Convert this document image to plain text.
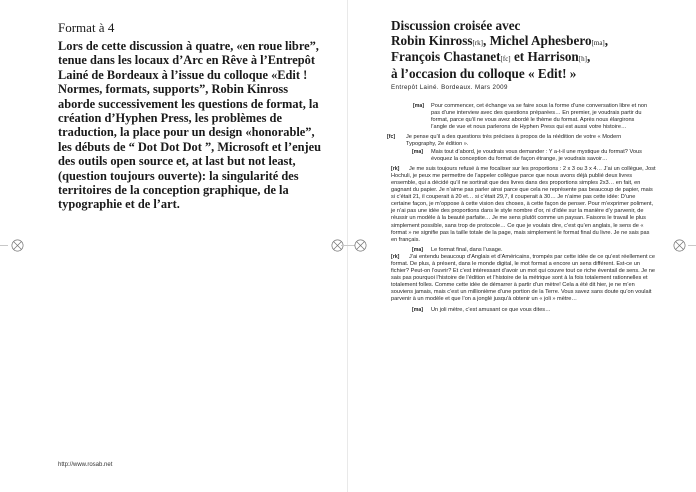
Format à 4

Lors de cette discussion à quatre, «en roue libre”, tenue dans les locaux d’Arc en Rêve à l’Entrepôt Lainé de Bordeaux à l’issue du colloque «Edit ! Normes, formats, supports”, Robin Kinross aborde successivement les questions de format, la création d’Hyphen Press, les problèmes de traduction, la place pour un design «honorable”, les débuts de “ Dot Dot Dot ”, Microsoft et l’enjeu des outils open source et, at last but not least, (question toujours ouverte): la singularité des territoires de la conception graphique, de la typographie et de l’art.

http://www.rosab.net

Discussion croisée avec
Robin Kinross[rk], Michel Aphesbero[ma],
François Chastanet[fc] et Harrison[h],
à l’occasion du colloque « Edit! »

Entrepôt Lainé. Bordeaux. Mars 2009

[ma] Pour commencer, cet échange va se faire sous la forme d’une conversation libre et non pas d’une interview avec des questions préparées… En premier, je voudrais partir du format, parce qu’il ne vous avez abordé le thème du format. Après nous élargirons l’angle de vue et nous parlerons de Hyphen Press qui est aussi votre histoire…

[fc] Je pense qu’il a des questions très précises à propos de la réédition de votre « Modern Typography, 2e édition ».

[ma] Mais tout d’abord, je voudrais vous demander : Y a-t-il une mystique du format? Vous évoquez la conception du format de façon étrange, je voudrais savoir…

[rk]	Je me suis toujours refusé à me focaliser sur les proportions : 2 x 3 ou 3 x 4… J’ai un collègue, Jost Hochuli, je peux me permettre de l’appeler collègue parce que nous avons déjà publié deux livres ensemble, qui a décidé qu’il ne sortirait que des livres dans des proportions simples 2x3… en fait, en gagnant du papier. Je n’aime pas parler ainsi parce que cela ne représente pas beaucoup de papier, mais si c’était 21, il couperait à 20 et… si c’était 29,7, il couperait à 30… Je n’aime pas cette idée: D’une certaine façon, je m’oppose à cette vision des choses, à cette façon de penser. Pour m’exprimer poliment, je n’ai pas une idée des proportions dans le style nombre d’or, ni d’idée sur la manière d’y parvenir, de réussir un modèle à la beauté parfaite… Je me sens plutôt comme un paysan. Faisons le travail le plus simplement possible, sans trop de protocole… Ce que je voulais dire, c’est qu’en anglais, le sens de « format » ne signifie pas la taille totale de la page, mais simplement le format final du livre. Je ne sais pas en français.

[ma] Le format final, dans l’usage.

[rk]	J’ai entendu beaucoup d’Anglais et d’Américains, trompés par cette idée de ce qu’est réellement ce format. De plus, à présent, dans le monde digital, le mot format a encore un sens différent. Est-ce un fichier? Peut-on l’ouvrir? Et c’est intéressant d’avoir un mot qui couvre tout ce riche éventail de sens. Je ne sais pas pourquoi l’histoire de l’édition et l’histoire de la métrique sont à la fois totalement rationnelles et totalement folles. Comme cette idée de démarrer à partir d’un mètre! Cela a été dit hier, je ne m’en souviens jamais, mais c’est un millionième d’une portion de la Terre. Vous savez sans doute qu’on voulait parvenir à un modèle et que l’on a jonglé jusqu’à obtenir un « joli » mètre…

[ma] Un joli mètre, c’est amusant ce que vous dites…
